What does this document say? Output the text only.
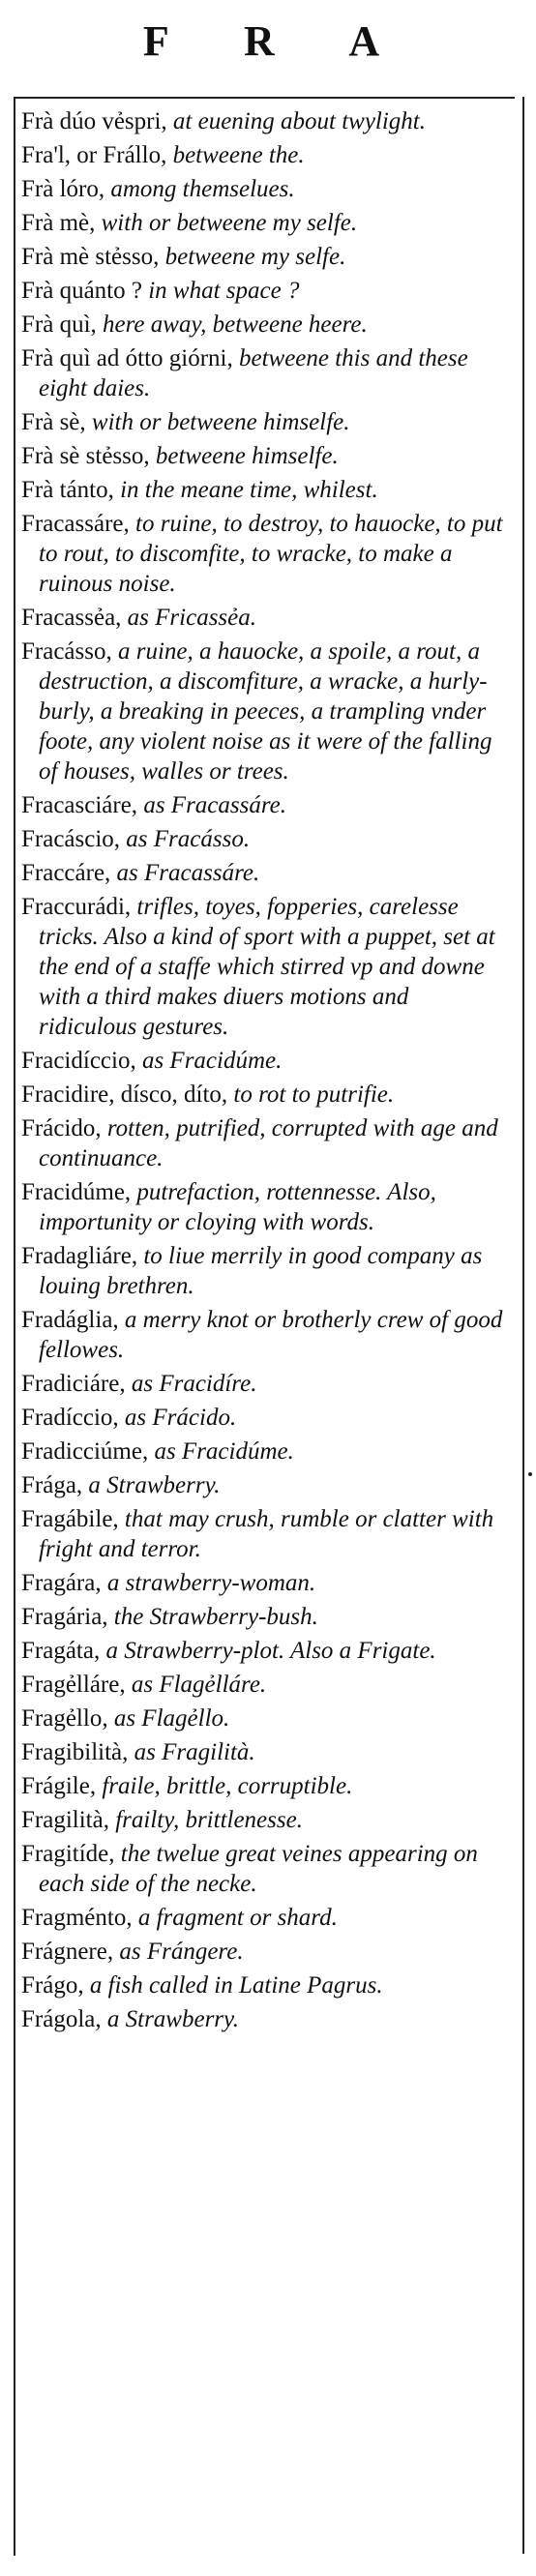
F R A

Frà dúo vẻspri, at euening about twylight.

Fra'l, or Frállo, betweene the.

Frà lóro, among themselues.

Frà mè, with or betweene my selfe.

Frà mè stẻsso, betweene my selfe.

Frà quánto ? in what space ?

Frà quì, here away, betweene heere.

Frà quì ad ótto giórni, betweene this and these eight daies.

Frà sè, with or betweene himselfe.

Frà sè stẻsso, betweene himselfe.

Frà tánto, in the meane time, whilest.

Fracassáre, to ruine, to destroy, to hauocke, to put to rout, to discomfite, to wracke, to make a ruinous noise.

Fracassẻa, as Fricassẻa.

Fracásso, a ruine, a hauocke, a spoile, a rout, a destruction, a discomfiture, a wracke, a hurly-burly, a breaking in peeces, a trampling vnder foote, any violent noise as it were of the falling of houses, walles or trees.

Fracasciáre, as Fracassáre.

Fracáscio, as Fracásso.

Fraccáre, as Fracassáre.

Fraccurádi, trifles, toyes, fopperies, carelesse tricks. Also a kind of sport with a puppet, set at the end of a staffe which stirred vp and downe with a third makes diuers motions and ridiculous gestures.

Fracidíccio, as Fracidúme.

Fracidire, dísco, díto, to rot to putrifie.

Frácido, rotten, putrified, corrupted with age and continuance.

Fracidúme, putrefaction, rottennesse. Also, importunity or cloying with words.

Fradagliáre, to liue merrily in good company as louing brethren.

Fradáglia, a merry knot or brotherly crew of good fellowes.

Fradiciáre, as Fracidíre.

Fradíccio, as Frácido.

Fradicciúme, as Fracidúme.

Frága, a Strawberry.

Fragábile, that may crush, rumble or clatter with fright and terror.

Fragára, a strawberry-woman.

Fragária, the Strawberry-bush.

Fragáta, a Strawberry-plot. Also a Frigate.

Fragẻlláre, as Flagẻlláre.

Fragẻllo, as Flagẻllo.

Fragibilità, as Fragilità.

Frágile, fraile, brittle, corruptible.

Fragilità, frailty, brittlenesse.

Fragitíde, the twelue great veines appearing on each side of the necke.

Fragménto, a fragment or shard.

Frágnere, as Frángere.

Frágo, a fish called in Latine Pagrus.

Frágola, a Strawberry.
